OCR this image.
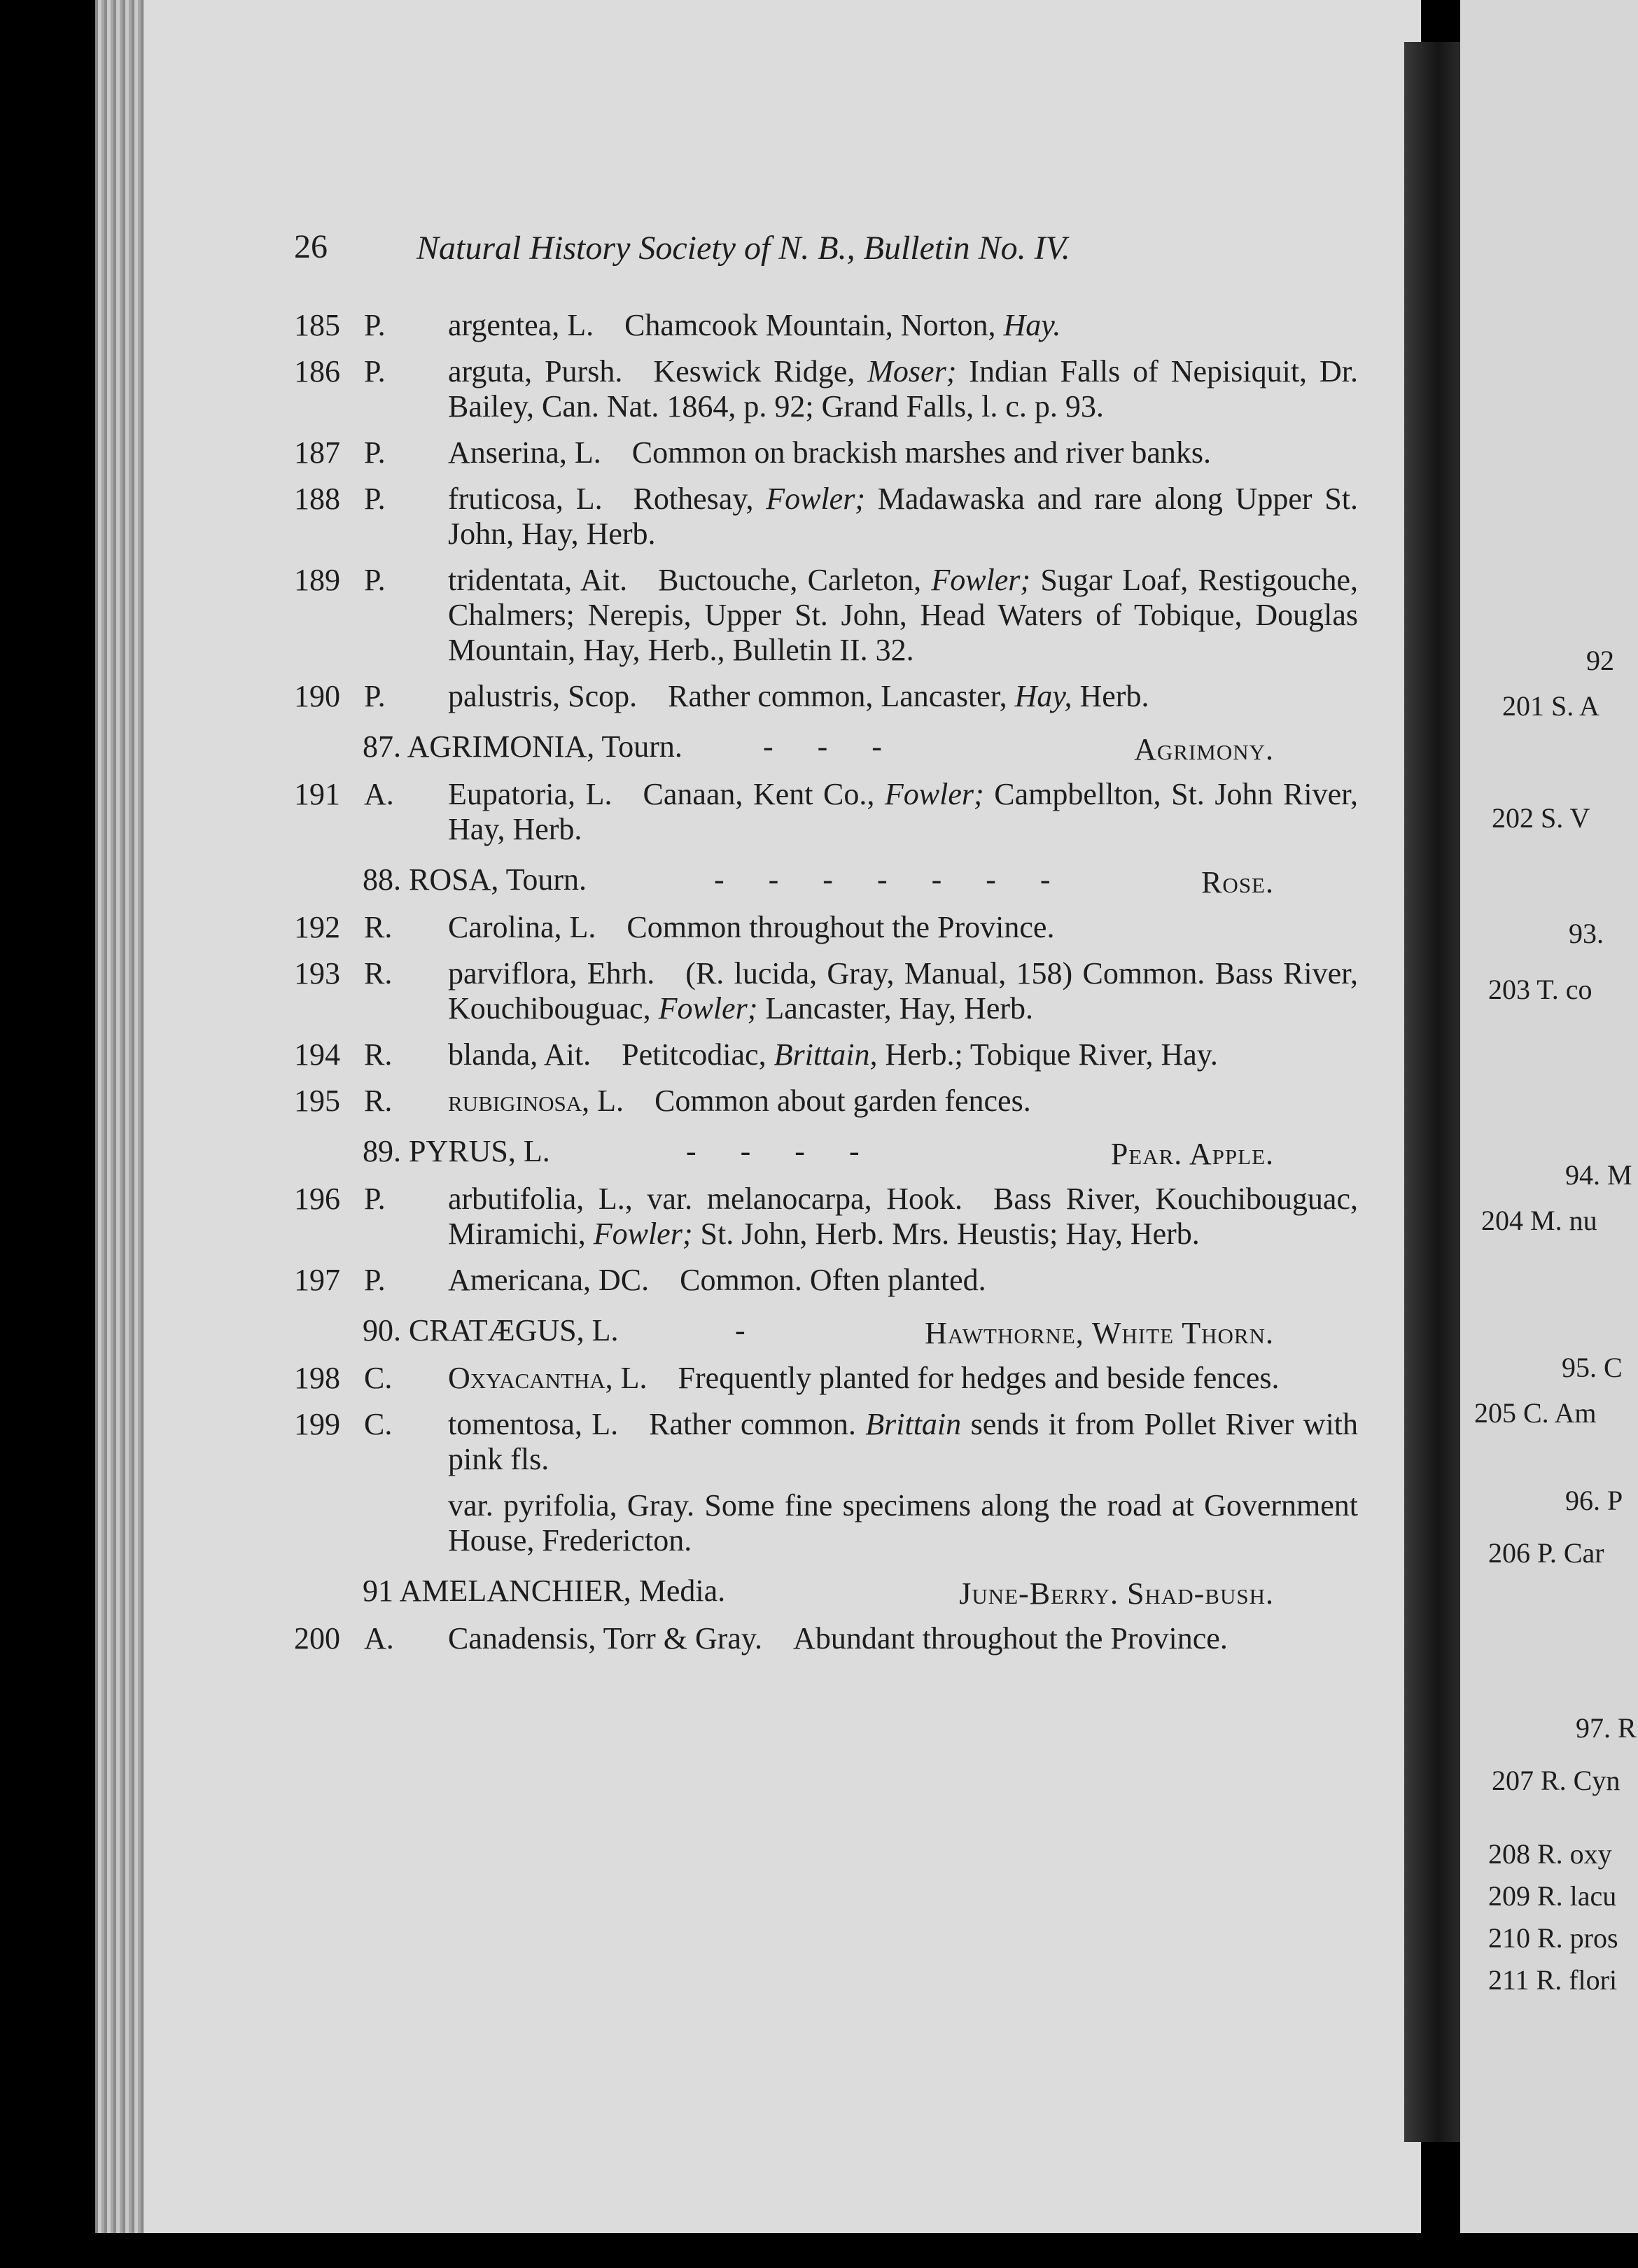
92
201 S. A
202 S. V
93.
203 T. co
94. M
204 M. nu
95. C
205 C. Am
96. P
206 P. Car
97. R
207 R. Cyn
208 R. oxy
209 R. lacu
210 R. pros
211 R. flori
26	Natural History Society of N. B., Bulletin No. IV.
185 P. argentea, L.  Chamcook Mountain, Norton, Hay.
186 P. arguta, Pursh.  Keswick Ridge, Moser; Indian Falls of Nepisiquit, Dr. Bailey, Can. Nat. 1864, p. 92; Grand Falls, l. c. p. 93.
187 P. Anserina, L.  Common on brackish marshes and river banks.
188 P. fruticosa, L.  Rothesay, Fowler; Madawaska and rare along Upper St. John, Hay, Herb.
189 P. tridentata, Ait.  Buctouche, Carleton, Fowler; Sugar Loaf, Restigouche, Chalmers; Nerepis, Upper St. John, Head Waters of Tobique, Douglas Mountain, Hay, Herb., Bulletin II. 32.
190 P. palustris, Scop.  Rather common, Lancaster, Hay, Herb.
87. AGRIMONIA, Tourn.	- - -	Agrimony.
191 A. Eupatoria, L.  Canaan, Kent Co., Fowler; Campbellton, St. John River, Hay, Herb.
88. ROSA, Tourn.	- - - - - - -	Rose.
192 R. Carolina, L.  Common throughout the Province.
193 R. parviflora, Ehrh.  (R. lucida, Gray, Manual, 158) Common. Bass River, Kouchibouguac, Fowler; Lancaster, Hay, Herb.
194 R. blanda, Ait.  Petitcodiac, Brittain, Herb.; Tobique River, Hay.
195 R. rubiginosa, L.  Common about garden fences.
89. PYRUS, L.	- - - -	Pear. Apple.
196 P. arbutifolia, L., var. melanocarpa, Hook.  Bass River, Kouchibouguac, Miramichi, Fowler; St. John, Herb. Mrs. Heustis; Hay, Herb.
197 P. Americana, DC.  Common. Often planted.
90. CRATÆGUS, L.	-	Hawthorne, White Thorn.
198 C. Oxyacantha, L.  Frequently planted for hedges and beside fences.
199 C. tomentosa, L.  Rather common. Brittain sends it from Pollet River with pink fls.
var. pyrifolia, Gray. Some fine specimens along the road at Government House, Fredericton.
91 AMELANCHIER, Media.	June-Berry. Shad-bush.
200 A. Canadensis, Torr & Gray.  Abundant throughout the Province.
